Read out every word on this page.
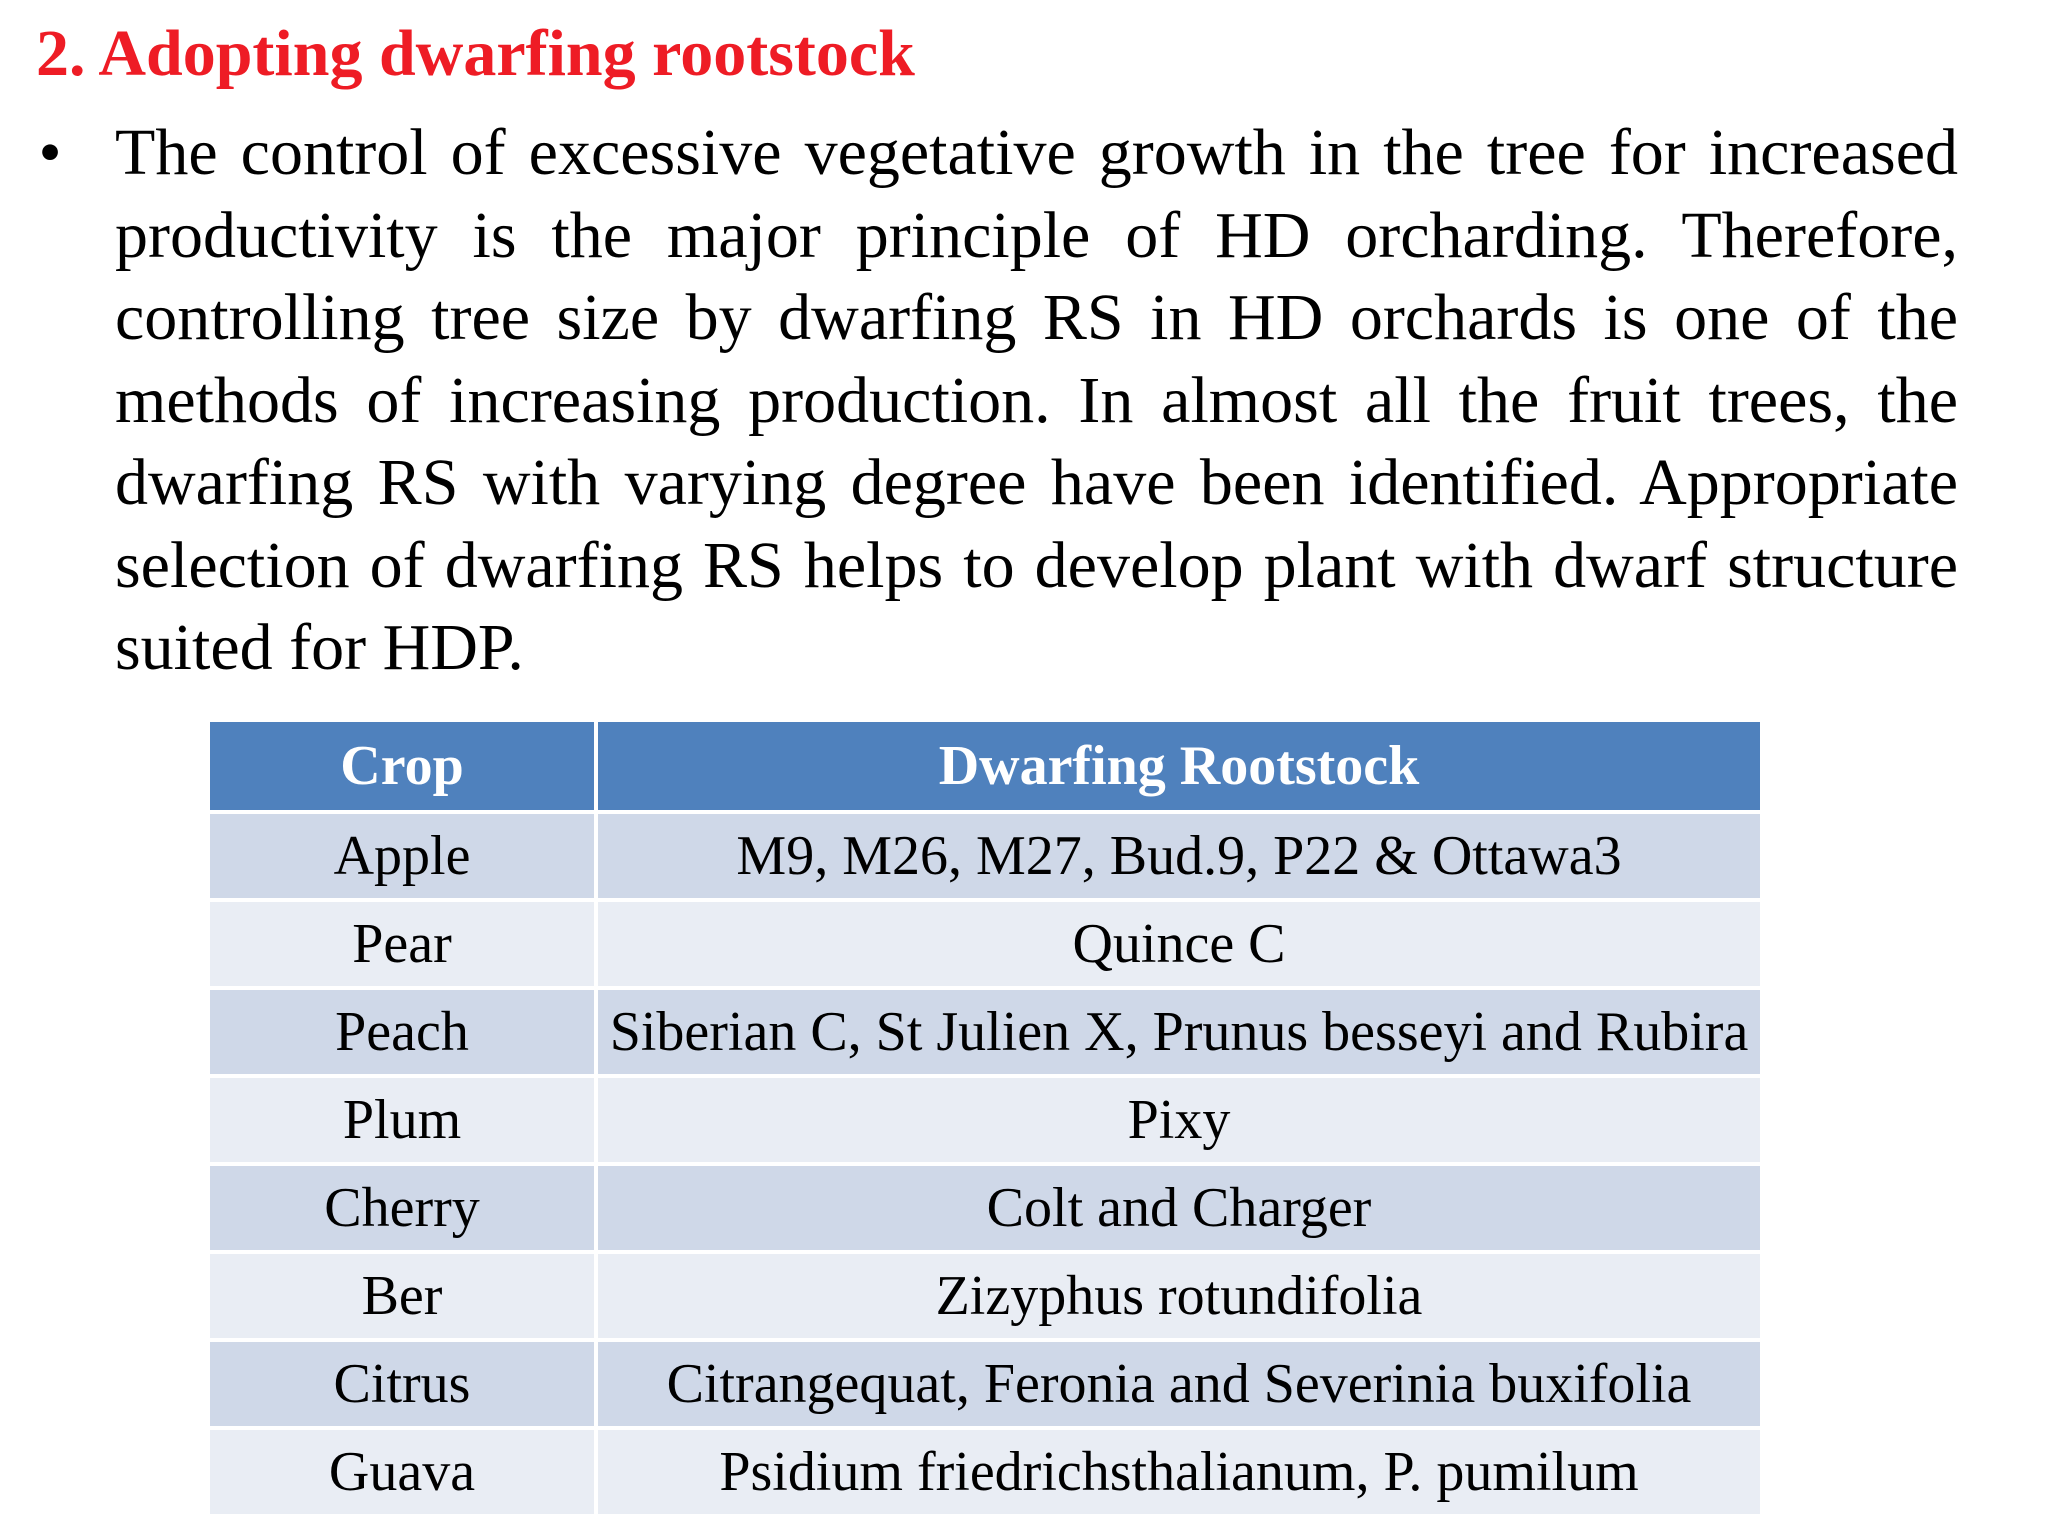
2. Adopting dwarfing rootstock
• The control of excessive vegetative growth in the tree for increased productivity is the major principle of HD orcharding. Therefore, controlling tree size by dwarfing RS in HD orchards is one of the methods of increasing production. In almost all the fruit trees, the dwarfing RS with varying degree have been identified. Appropriate selection of dwarfing RS helps to develop plant with dwarf structure suited for HDP.

Crop	Dwarfing Rootstock
Apple	M9, M26, M27, Bud.9, P22 & Ottawa3
Pear	Quince C
Peach	Siberian C, St Julien X, Prunus besseyi and Rubira
Plum	Pixy
Cherry	Colt and Charger
Ber	Zizyphus rotundifolia
Citrus	Citrangequat, Feronia and Severinia buxifolia
Guava	Psidium friedrichsthalianum, P. pumilum
